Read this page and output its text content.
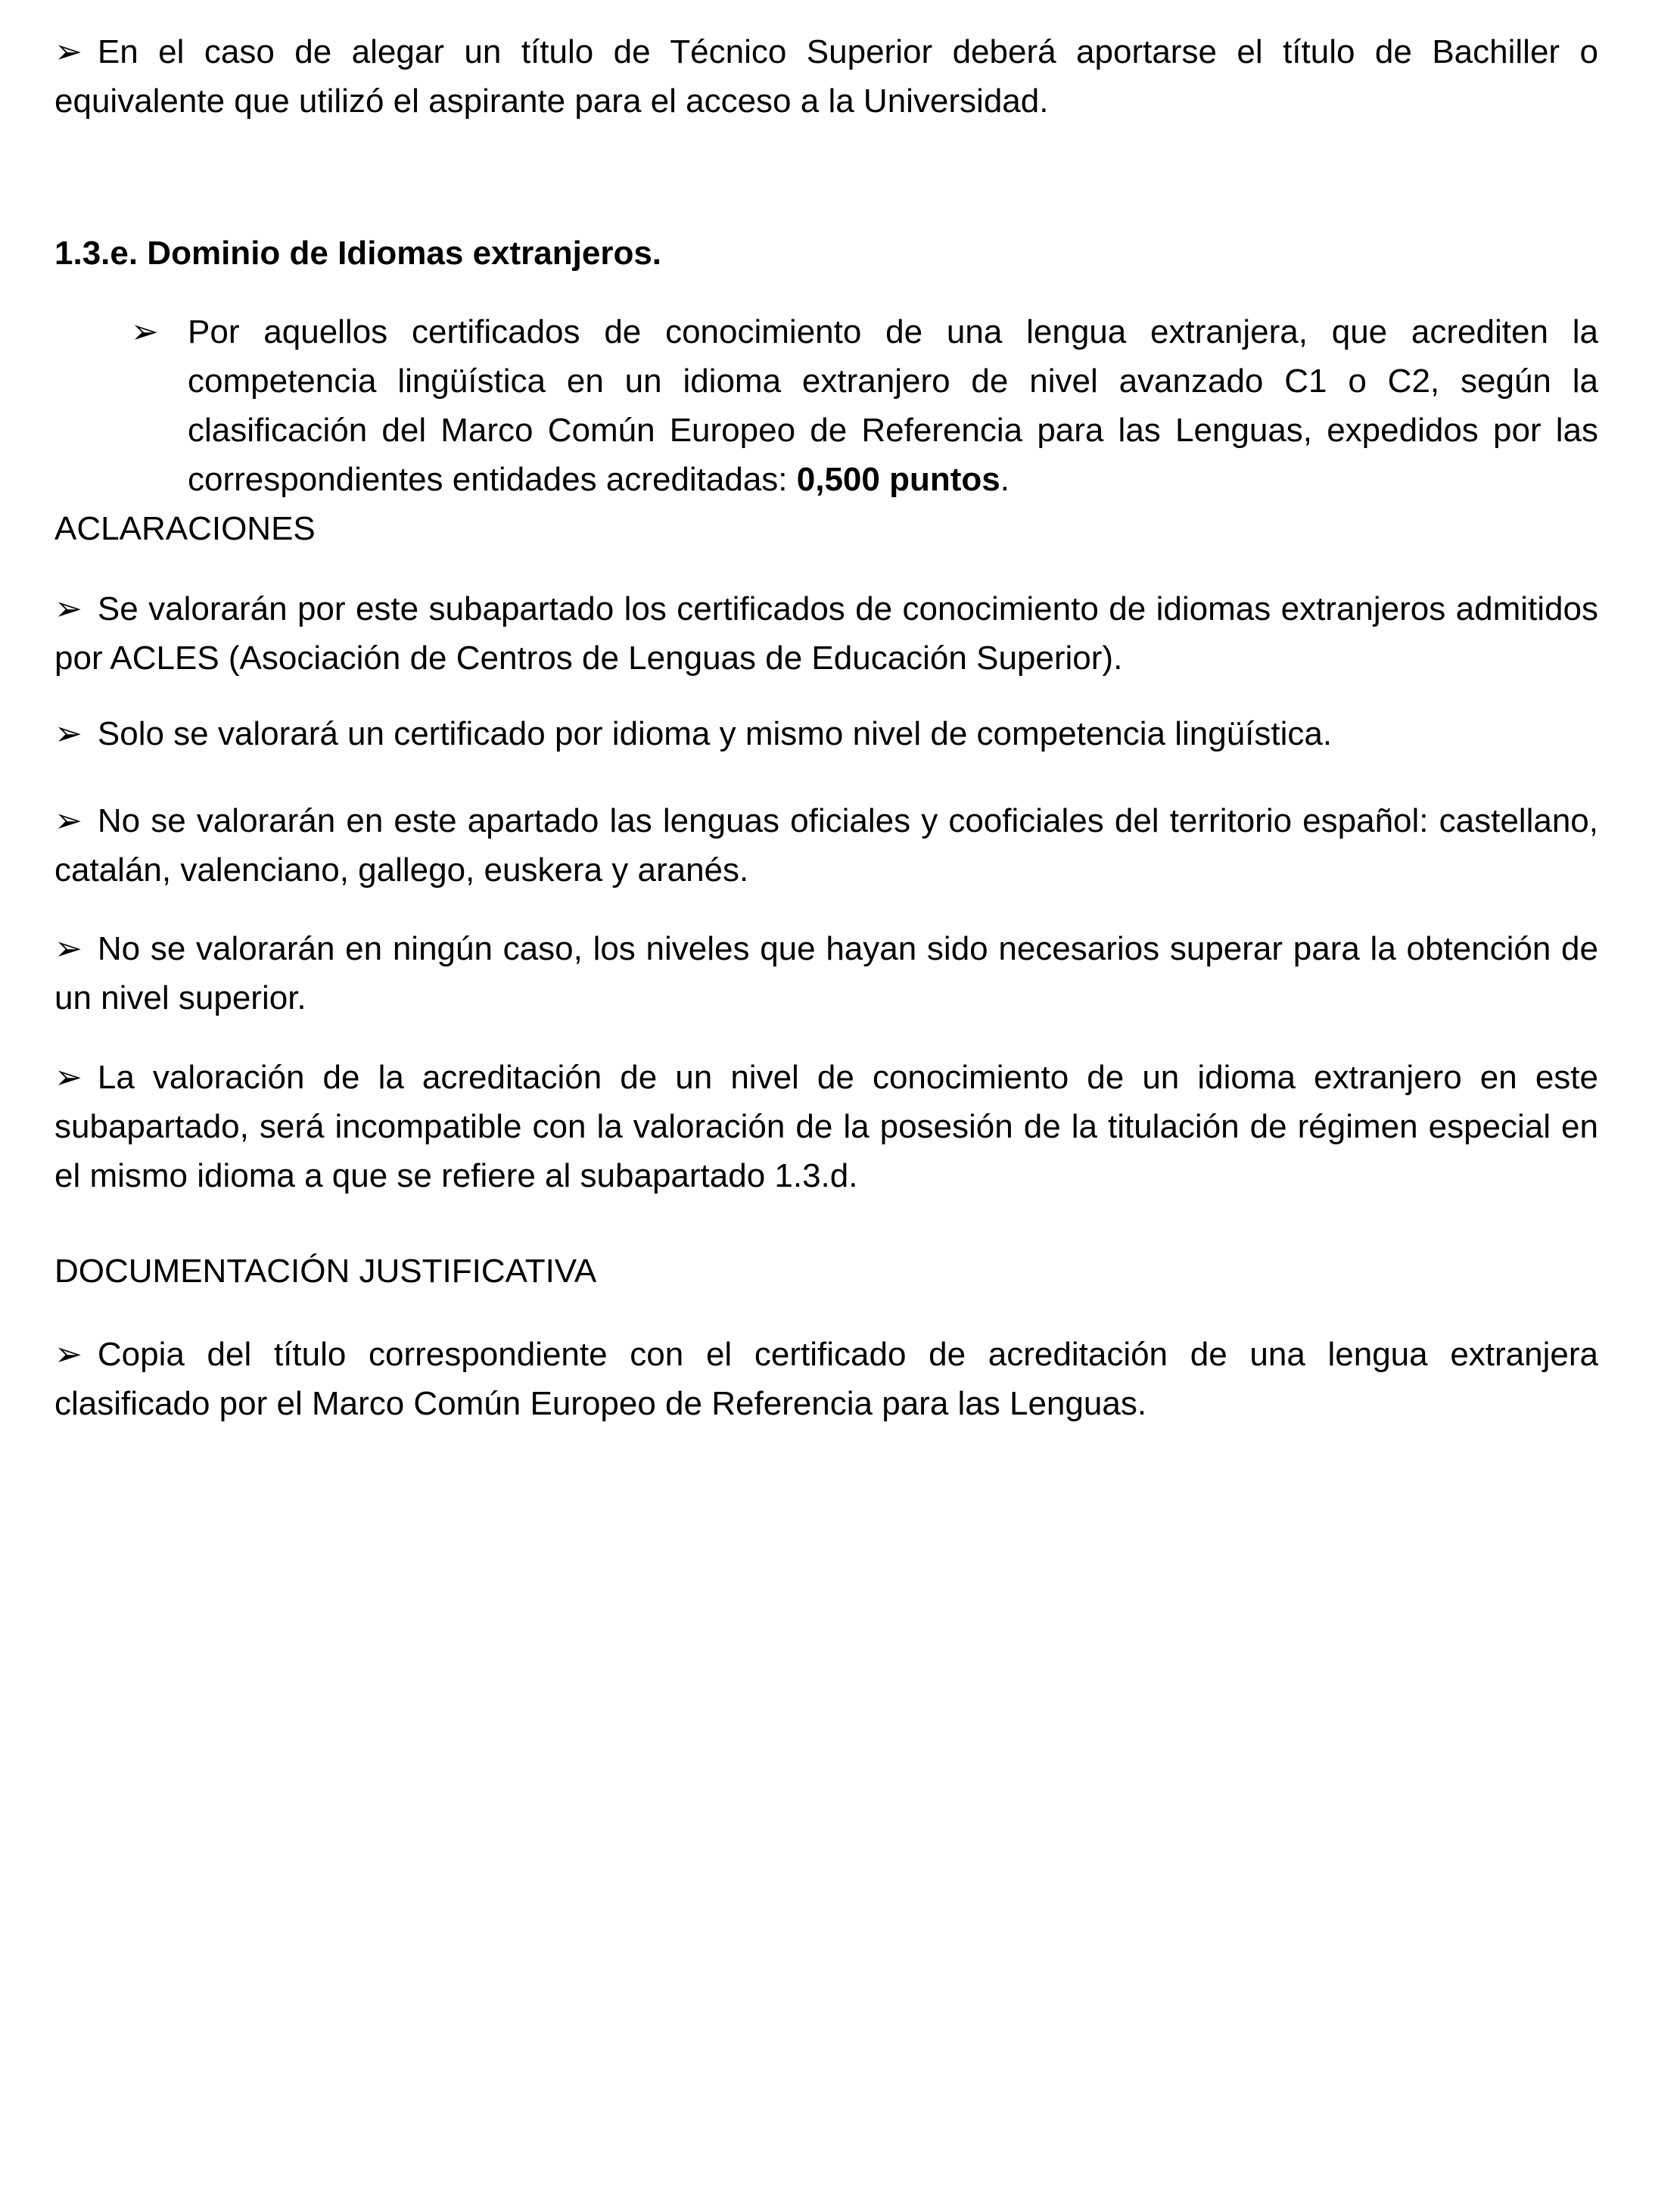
➢ En el caso de alegar un título de Técnico Superior deberá aportarse el título de Bachiller o equivalente que utilizó el aspirante para el acceso a la Universidad.

1.3.e. Dominio de Idiomas extranjeros.
➢ Por aquellos certificados de conocimiento de una lengua extranjera, que acrediten la competencia lingüística en un idioma extranjero de nivel avanzado C1 o C2, según la clasificación del Marco Común Europeo de Referencia para las Lenguas, expedidos por las correspondientes entidades acreditadas: 0,500 puntos.

ACLARACIONES

➢ Se valorarán por este subapartado los certificados de conocimiento de idiomas extranjeros admitidos por ACLES (Asociación de Centros de Lenguas de Educación Superior).

➢ Solo se valorará un certificado por idioma y mismo nivel de competencia lingüística.

➢ No se valorarán en este apartado las lenguas oficiales y cooficiales del territorio español: castellano, catalán, valenciano, gallego, euskera y aranés.

➢ No se valorarán en ningún caso, los niveles que hayan sido necesarios superar para la obtención de un nivel superior.

➢ La valoración de la acreditación de un nivel de conocimiento de un idioma extranjero en este subapartado, será incompatible con la valoración de la posesión de la titulación de régimen especial en el mismo idioma a que se refiere al subapartado 1.3.d.

DOCUMENTACIÓN JUSTIFICATIVA

➢ Copia del título correspondiente con el certificado de acreditación de una lengua extranjera clasificado por el Marco Común Europeo de Referencia para las Lenguas.
